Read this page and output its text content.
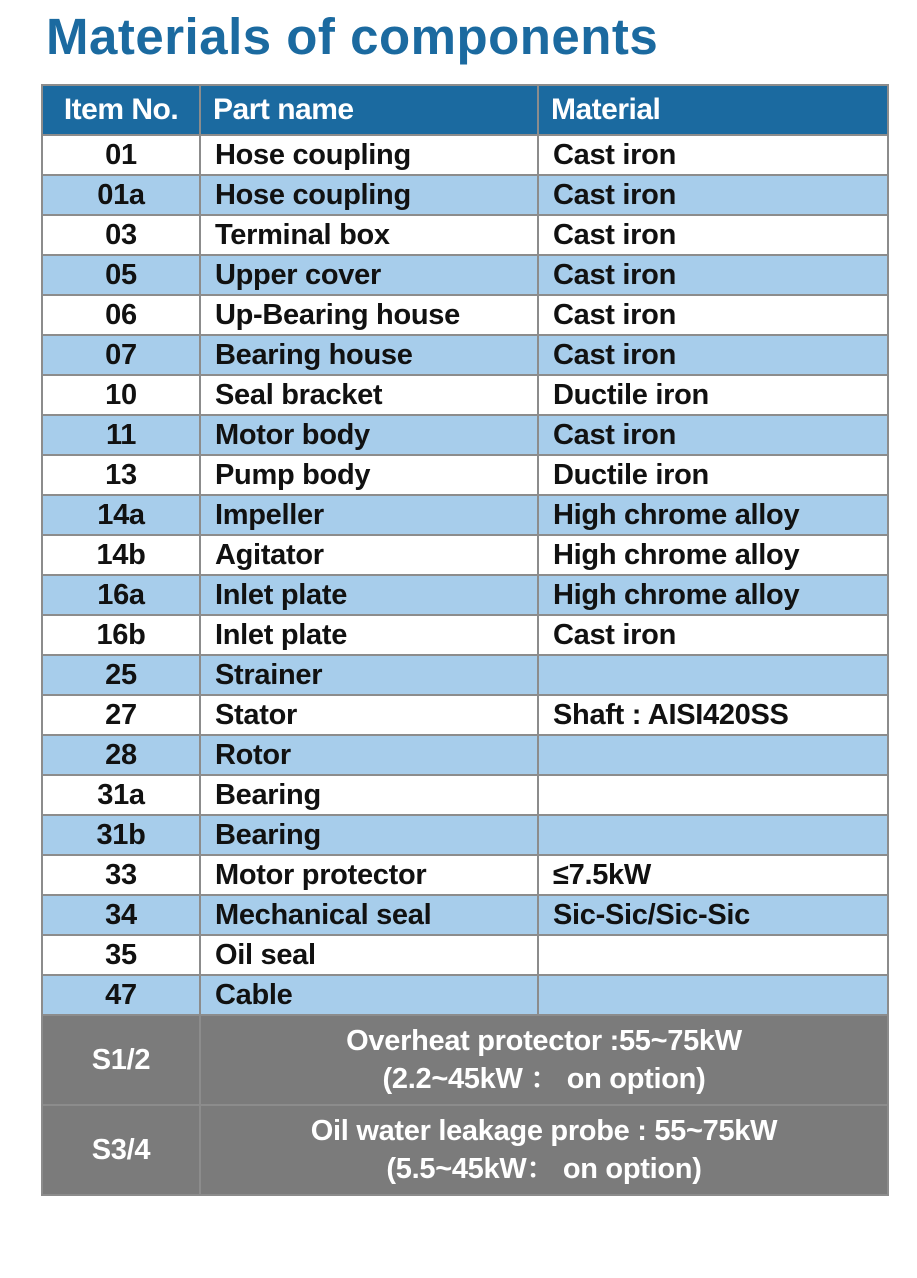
Materials of components
Item No.	Part name	Material
01	Hose coupling	Cast iron
01a	Hose coupling	Cast iron
03	Terminal box	Cast iron
05	Upper cover	Cast iron
06	Up-Bearing house	Cast iron
07	Bearing house	Cast iron
10	Seal bracket	Ductile iron
11	Motor body	Cast iron
13	Pump body	Ductile iron
14a	Impeller	High chrome alloy
14b	Agitator	High chrome alloy
16a	Inlet plate	High chrome alloy
16b	Inlet plate	Cast iron
25	Strainer	
27	Stator	Shaft : AISI420SS
28	Rotor	
31a	Bearing	
31b	Bearing	
33	Motor protector	≤7.5kW
34	Mechanical seal	Sic-Sic/Sic-Sic
35	Oil seal	
47	Cable	
S1/2	Overheat protector :55~75kW
(2.2~45kW ： on option)	

S3/4	Oil water leakage probe : 55~75kW
(5.5~45kW： on option)	
